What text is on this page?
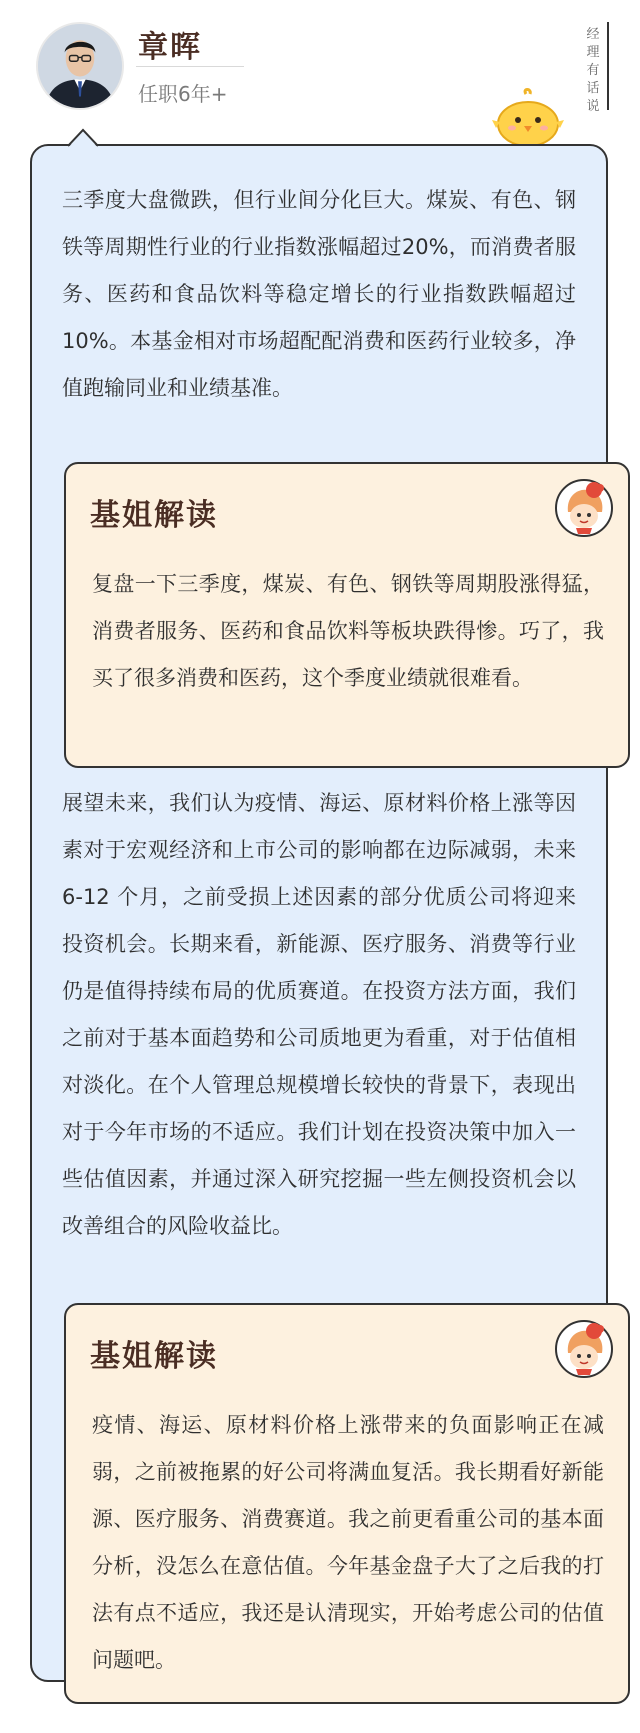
章晖
任职6年+
经理有话说

三季度大盘微跌，但行业间分化巨大。煤炭、有色、钢铁等周期性行业的行业指数涨幅超过20%，而消费者服务、医药和食品饮料等稳定增长的行业指数跌幅超过 10%。本基金相对市场超配配消费和医药行业较多，净值跑输同业和业绩基准。

基姐解读

复盘一下三季度，煤炭、有色、钢铁等周期股涨得猛，消费者服务、医药和食品饮料等板块跌得惨。巧了，我买了很多消费和医药，这个季度业绩就很难看。

展望未来，我们认为疫情、海运、原材料价格上涨等因素对于宏观经济和上市公司的影响都在边际减弱，未来 6-12 个月，之前受损上述因素的部分优质公司将迎来投资机会。长期来看，新能源、医疗服务、消费等行业仍是值得持续布局的优质赛道。在投资方法方面，我们之前对于基本面趋势和公司质地更为看重，对于估值相对淡化。在个人管理总规模增长较快的背景下，表现出对于今年市场的不适应。我们计划在投资决策中加入一些估值因素，并通过深入研究挖掘一些左侧投资机会以改善组合的风险收益比。

基姐解读

疫情、海运、原材料价格上涨带来的负面影响正在减弱，之前被拖累的好公司将满血复活。我长期看好新能源、医疗服务、消费赛道。我之前更看重公司的基本面分析，没怎么在意估值。今年基金盘子大了之后我的打法有点不适应，我还是认清现实，开始考虑公司的估值问题吧。
